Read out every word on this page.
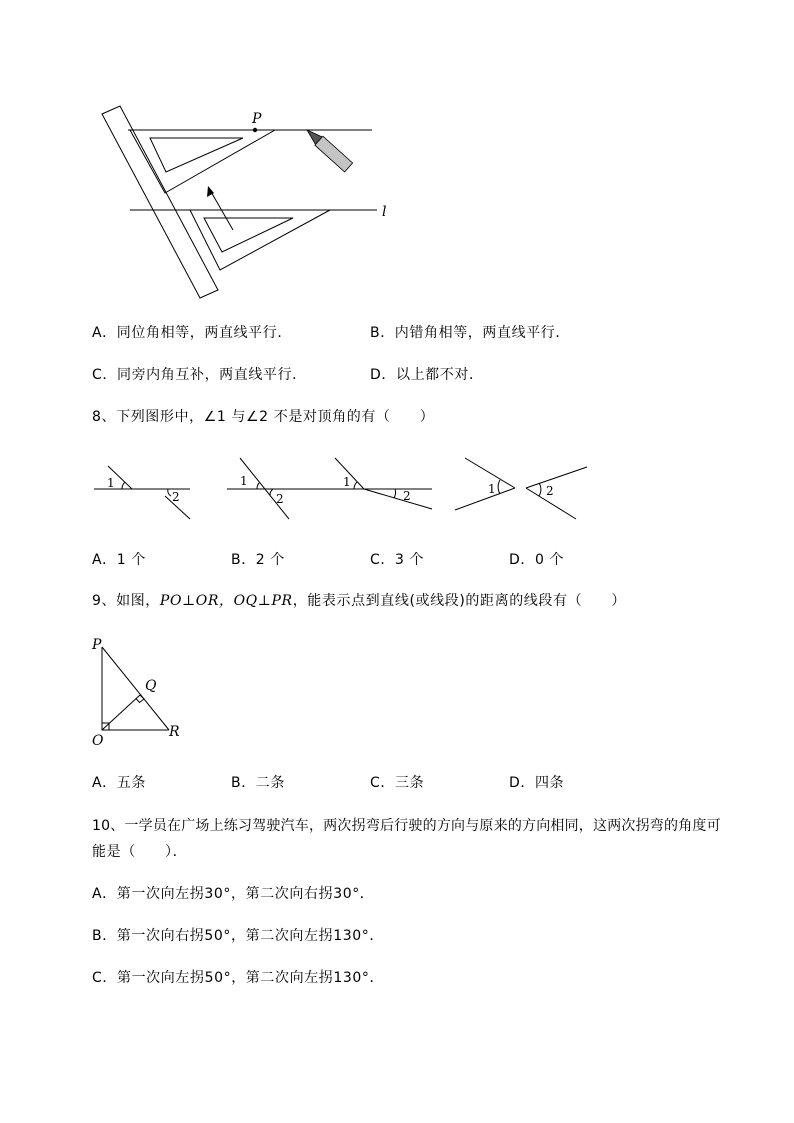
P
l
A．同位角相等，两直线平行．	B．内错角相等，两直线平行．
C．同旁内角互补，两直线平行．	D．以上都不对．
8、下列图形中，∠1 与∠2 不是对顶角的有（　　）
1
2
1
2
1
2	1	2
A．1 个	B．2 个	C．3 个	D．0 个
9、如图，PO⊥OR，OQ⊥PR，能表示点到直线(或线段)的距离的线段有（　　）
P
Q
O
R
A．五条	B．二条	C．三条	D．四条
10、一学员在广场上练习驾驶汽车，两次拐弯后行驶的方向与原来的方向相同，这两次拐弯的角度可
能是（　　）．
A．第一次向左拐30°，第二次向右拐30°．
B．第一次向右拐50°，第二次向左拐130°．
C．第一次向左拐50°，第二次向左拐130°．
